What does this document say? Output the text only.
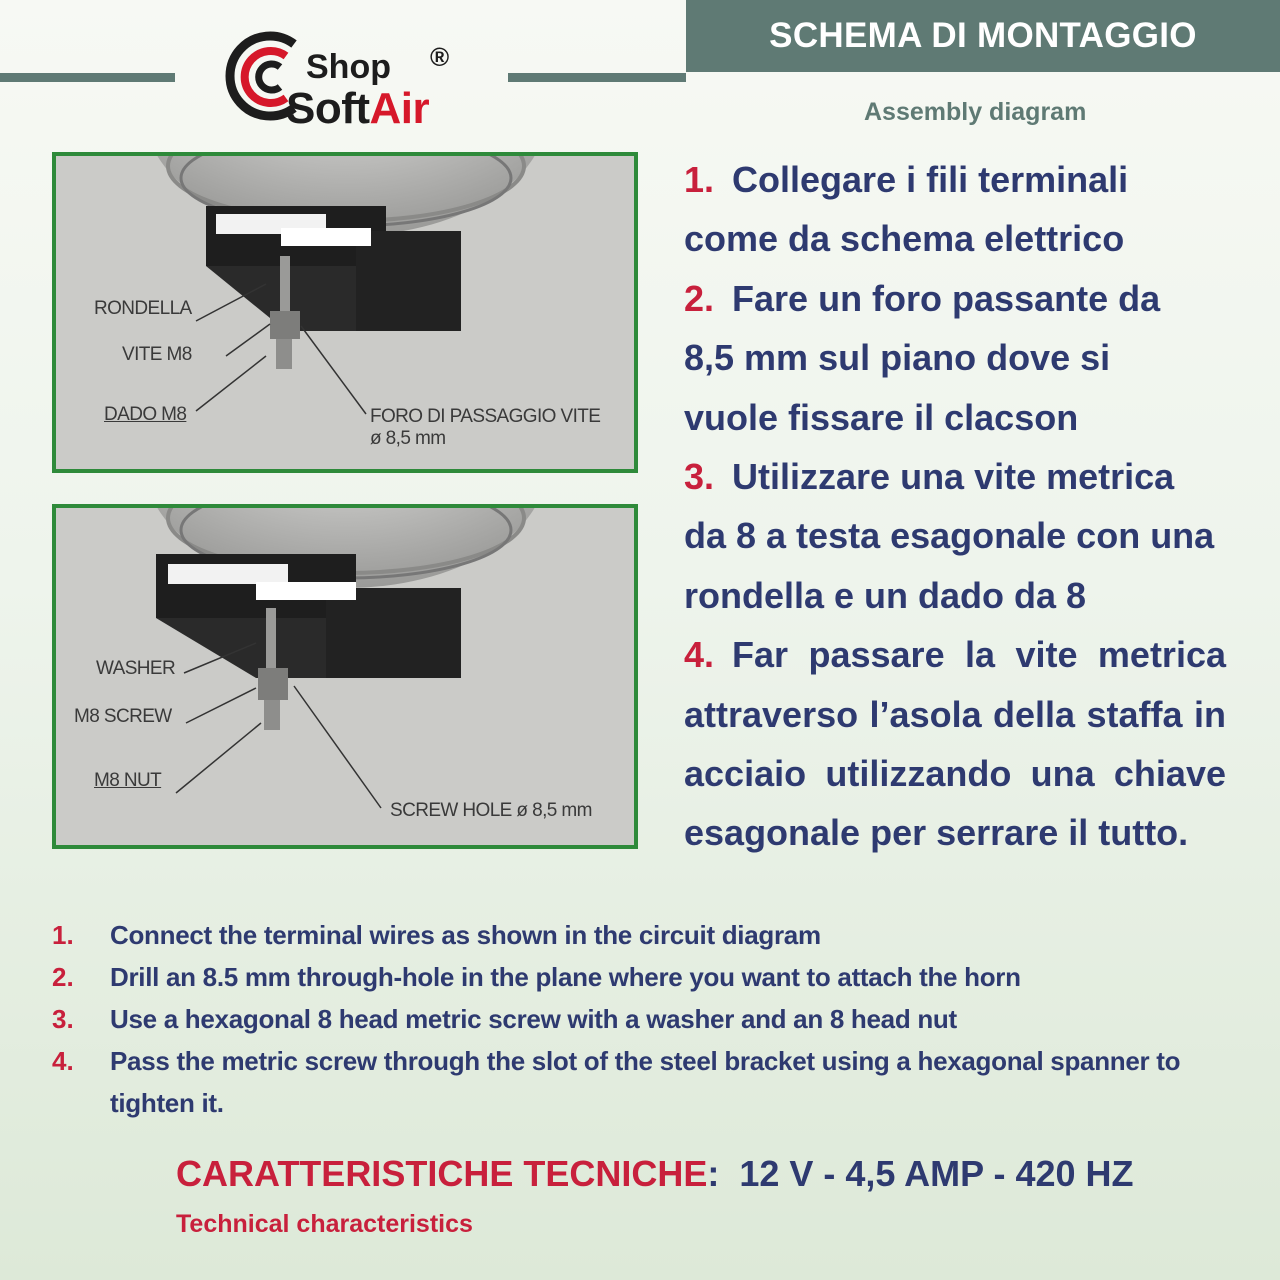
SCHEMA DI MONTAGGIO
Assembly diagram
Shop ®
SoftAir
RONDELLA
VITE M8
DADO M8	FORO DI PASSAGGIO VITE
ø 8,5 mm
WASHER
M8 SCREW
M8 NUT
SCREW HOLE ø 8,5 mm
1. Collegare i fili terminali
come da schema elettrico
2. Fare un foro passante da
8,5 mm sul piano dove si
vuole fissare il clacson
3. Utilizzare una vite metrica
da 8 a testa esagonale con una
rondella e un dado da 8
4. Far passare la vite metrica
attraverso l’asola della staffa in
acciaio utilizzando una chiave
esagonale per serrare il tutto.
1.	Connect the terminal wires as shown in the circuit diagram
2.	Drill an 8.5 mm through-hole in the plane where you want to attach the horn
3.	Use a hexagonal 8 head metric screw with a washer and an 8 head nut
4.	Pass the metric screw through the slot of the steel bracket using a hexagonal spanner to tighten it.
CARATTERISTICHE TECNICHE: 12 V - 4,5 AMP - 420 HZ
Technical characteristics
